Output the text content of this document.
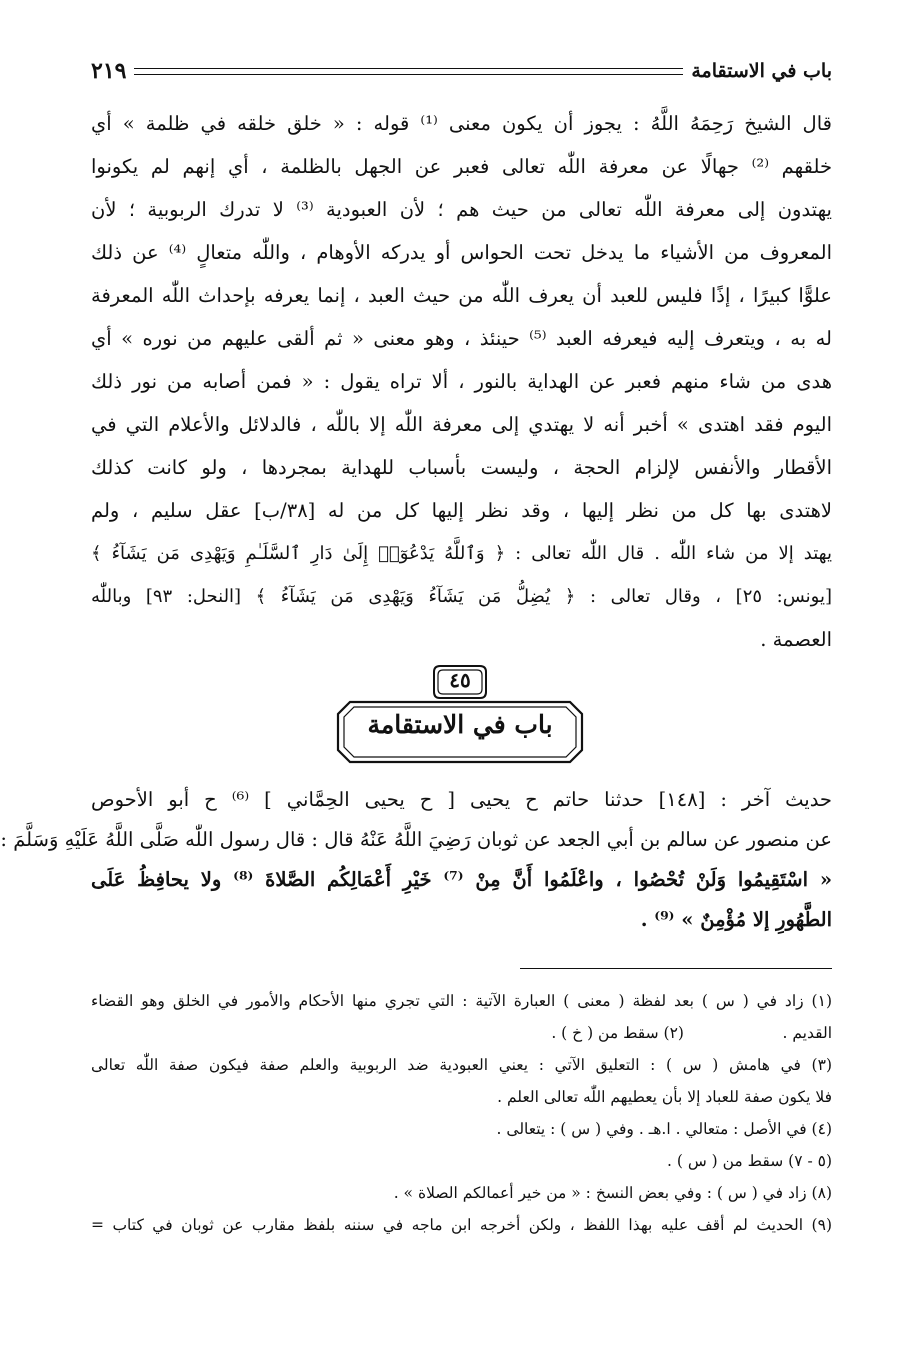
باب في الاستقامة
٢١٩
قال الشيخ رَحِمَهُ اللَّهُ : يجوز أن يكون معنى ⁽¹⁾ قوله : « خلق خلقه في ظلمة » أي
خلقهم ⁽²⁾ جهالًا عن معرفة اللّٰه تعالى فعبر عن الجهل بالظلمة ، أي إنهم لم يكونوا
يهتدون إلى معرفة اللّٰه تعالى من حيث هم ؛ لأن العبودية ⁽³⁾ لا تدرك الربوبية ؛ لأن
المعروف من الأشياء ما يدخل تحت الحواس أو يدركه الأوهام ، واللّٰه متعالٍ ⁽⁴⁾ عن ذلك
علوًّا كبيرًا ، إذًا فليس للعبد أن يعرف اللّٰه من حيث العبد ، إنما يعرفه بإحداث اللّٰه المعرفة
له به ، ويتعرف إليه فيعرفه العبد ⁽⁵⁾ حينئذ ، وهو معنى « ثم ألقى عليهم من نوره » أي
هدى من شاء منهم فعبر عن الهداية بالنور ، ألا تراه يقول : « فمن أصابه من نور ذلك
اليوم فقد اهتدى » أخبر أنه لا يهتدي إلى معرفة اللّٰه إلا باللّٰه ، فالدلائل والأعلام التي في
الأقطار والأنفس لإلزام الحجة ، وليست بأسباب للهداية بمجردها ، ولو كانت كذلك
لاهتدى بها كل من نظر إليها ، وقد نظر إليها كل من له [٣٨/ب] عقل سليم ، ولم
يهتد إلا من شاء اللّٰه . قال اللّٰه تعالى : ﴿ وَٱللَّهُ يَدْعُوٓا۟ إِلَىٰ دَارِ ٱلسَّلَـٰمِ وَيَهْدِى مَن يَشَآءُ ﴾
[يونس: ٢٥] ، وقال تعالى : ﴿ يُضِلُّ مَن يَشَآءُ وَيَهْدِى مَن يَشَآءُ ﴾ [النحل: ٩٣] وباللّٰه
العصمة .
٤٥
باب في الاستقامة
حديث آخر : [١٤٨] حدثنا حاتم ح يحيى [ ح يحيى الحِمَّاني ] ⁽⁶⁾ ح أبو الأحوص
عن منصور عن سالم بن أبي الجعد عن ثوبان رَضِيَ اللَّهُ عَنْهُ قال : قال رسول اللّٰه صَلَّى اللَّهُ عَلَيْهِ وَسَلَّمَ :
« اسْتَقِيمُوا وَلَنْ تُحْصُوا ، واعْلَمُوا أَنَّ مِنْ ⁽⁷⁾ خَيْرِ أَعْمَالِكُم الصَّلاةَ ⁽⁸⁾ ولا يحافِظُ عَلَى
الطَّهُورِ إلا مُؤْمِنٌ » ⁽⁹⁾ .
(١) زاد في ( س ) بعد لفظة ( معنى ) العبارة الآتية : التي تجري منها الأحكام والأمور في الخلق وهو القضاء
القديم .                    (٢) سقط من ( خ ) .
(٣) في هامش ( س ) : التعليق الآتي : يعني العبودية ضد الربوبية والعلم صفة فيكون صفة اللّٰه تعالى
فلا يكون صفة للعباد إلا بأن يعطيهم اللّٰه تعالى العلم .
(٤) في الأصل : متعالي . ا.هـ . وفي ( س ) : يتعالى .
(٥ - ٧) سقط من ( س ) .
(٨) زاد في ( س ) : وفي بعض النسخ : « من خير أعمالكم الصلاة » .
(٩) الحديث لم أقف عليه بهذا اللفظ ، ولكن أخرجه ابن ماجه في سننه بلفظ مقارب عن ثوبان في كتاب =
